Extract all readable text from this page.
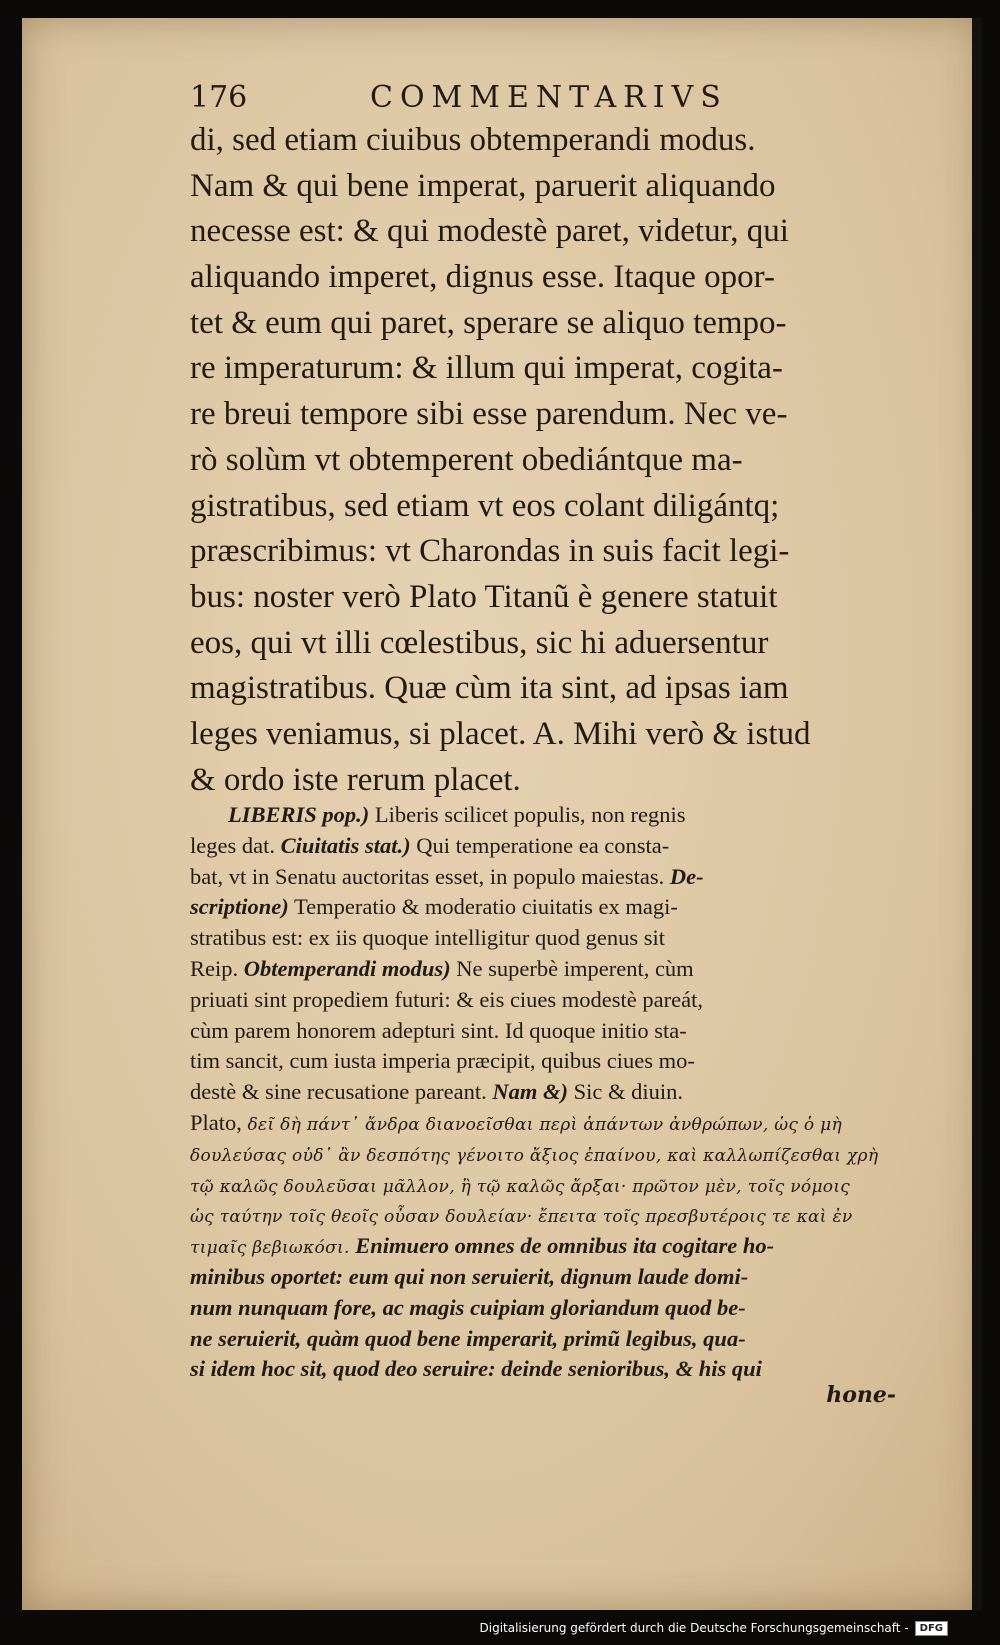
176	COMMENTARIVS
di, sed etiam ciuibus obtemperandi modus.
Nam & qui bene imperat, paruerit aliquando
necesse est: & qui modestè paret, videtur, qui
aliquando imperet, dignus esse. Itaque opor-
tet & eum qui paret, sperare se aliquo tempo-
re imperaturum: & illum qui imperat, cogita-
re breui tempore sibi esse parendum. Nec ve-
rò solùm vt obtemperent obediántque ma-
gistratibus, sed etiam vt eos colant diligántq;
præscribimus: vt Charondas in suis facit legi-
bus: noster verò Plato Titanũ è genere statuit
eos, qui vt illi cœlestibus, sic hi aduersentur
magistratibus. Quæ cùm ita sint, ad ipsas iam
leges veniamus, si placet. A. Mihi verò & istud
& ordo iste rerum placet.
LIBERIS pop.) Liberis scilicet populis, non regnis
leges dat. Ciuitatis stat.) Qui temperatione ea consta-
bat, vt in Senatu auctoritas esset, in populo maiestas. De-
scriptione) Temperatio & moderatio ciuitatis ex magi-
stratibus est: ex iis quoque intelligitur quod genus sit
Reip. Obtemperandi modus) Ne superbè imperent, cùm
priuati sint propediem futuri: & eis ciues modestè pareát,
cùm parem honorem adepturi sint. Id quoque initio sta-
tim sancit, cum iusta imperia præcipit, quibus ciues mo-
destè & sine recusatione pareant. Nam &) Sic & diuin.
Plato, δεῖ δὴ πάντ᾽ ἄνδρα διανοεῖσθαι περὶ ἁπάντων ἀνθρώπων, ὡς ὁ μὴ
δουλεύσας οὐδ᾽ ἂν δεσπότης γένοιτο ἄξιος ἐπαίνου, καὶ καλλωπίζεσθαι χρὴ
τῷ καλῶς δουλεῦσαι μᾶλλον, ἢ τῷ καλῶς ἄρξαι· πρῶτον μὲν, τοῖς νόμοις
ὡς ταύτην τοῖς θεοῖς οὖσαν δουλείαν· ἔπειτα τοῖς πρεσβυτέροις τε καὶ ἐν
τιμαῖς βεβιωκόσι. Enimuero omnes de omnibus ita cogitare ho-
minibus oportet: eum qui non seruierit, dignum laude domi-
num nunquam fore, ac magis cuipiam gloriandum quod be-
ne seruierit, quàm quod bene imperarit, primũ legibus, qua-
si idem hoc sit, quod deo seruire: deinde senioribus, & his qui
hone-
Digitalisierung gefördert durch die Deutsche Forschungsgemeinschaft -	DFG
